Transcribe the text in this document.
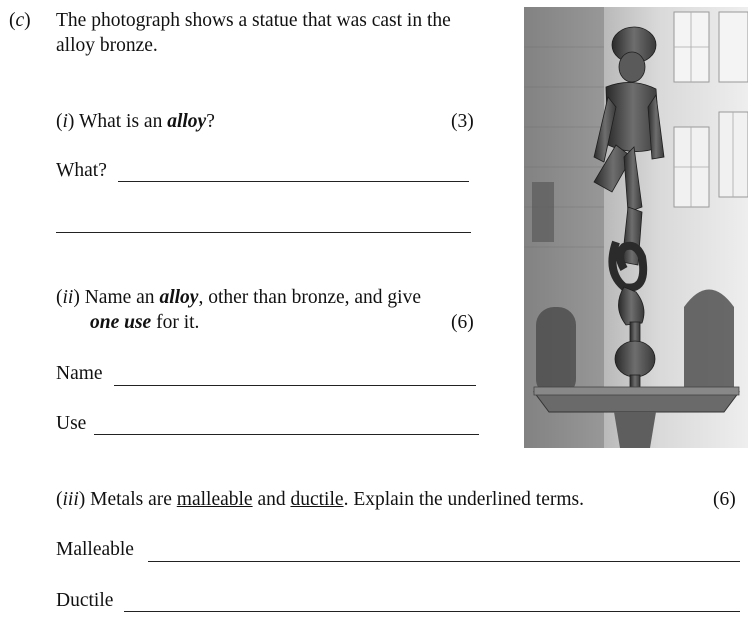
(c) The photograph shows a statue that was cast in the
alloy bronze.
(i) What is an alloy?	(3)
What?
(ii) Name an alloy, other than bronze, and give
one use for it.	(6)
Name
Use
(iii) Metals are malleable and ductile. Explain the underlined terms.	(6)
Malleable
Ductile
